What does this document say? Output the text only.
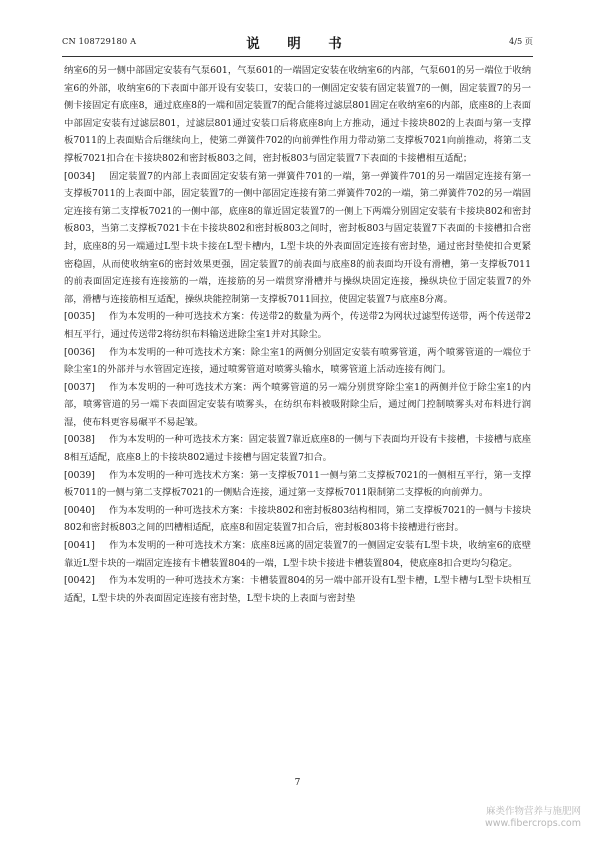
CN 108729180 A	说　明　书	4/5 页

纳室6的另一侧中部固定安装有气泵601，气泵601的一端固定安装在收纳室6的内部，气泵601的另一端位于收纳室6的外部，收纳室6的下表面中部开设有安装口，安装口的一侧固定安装有固定装置7的一侧，固定装置7的另一侧卡接固定有底座8，通过底座8的一端和固定装置7的配合能将过滤层801固定在收纳室6的内部，底座8的上表面中部固定安装有过滤层801，过滤层801通过安装口后将底座8向上方推动，通过卡接块802的上表面与第一支撑板7011的上表面贴合后继续向上，使第二弹簧件702的向前弹性作用力带动第二支撑板7021向前推动，将第二支撑板7021扣合在卡接块802和密封板803之间，密封板803与固定装置7下表面的卡接槽相互适配；

[0034] 固定装置7的内部上表面固定安装有第一弹簧件701的一端，第一弹簧件701的另一端固定连接有第一支撑板7011的上表面中部，固定装置7的一侧中部固定连接有第二弹簧件702的一端，第二弹簧件702的另一端固定连接有第二支撑板7021的一侧中部，底座8的靠近固定装置7的一侧上下两端分别固定安装有卡接块802和密封板803，当第二支撑板7021卡在卡接块802和密封板803之间时，密封板803与固定装置7下表面的卡接槽扣合密封，底座8的另一端通过L型卡块卡接在L型卡槽内，L型卡块的外表面固定连接有密封垫，通过密封垫使扣合更紧密稳固，从而使收纳室6的密封效果更强，固定装置7的前表面与底座8的前表面均开设有滑槽，第一支撑板7011的前表面固定连接有连接筋的一端，连接筋的另一端贯穿滑槽并与操纵块固定连接，操纵块位于固定装置7的外部，滑槽与连接筋相互适配，操纵块能控制第一支撑板7011回拉，使固定装置7与底座8分离。

[0035] 作为本发明的一种可选技术方案：传送带2的数量为两个，传送带2为网状过滤型传送带，两个传送带2相互平行，通过传送带2将纺织布料输送进除尘室1并对其除尘。

[0036] 作为本发明的一种可选技术方案：除尘室1的两侧分别固定安装有喷雾管道，两个喷雾管道的一端位于除尘室1的外部并与水管固定连接，通过喷雾管道对喷雾头输水，喷雾管道上活动连接有阀门。

[0037] 作为本发明的一种可选技术方案：两个喷雾管道的另一端分别贯穿除尘室1的两侧并位于除尘室1的内部，喷雾管道的另一端下表面固定安装有喷雾头，在纺织布料被吸附除尘后，通过阀门控制喷雾头对布料进行润湿，使布料更容易碾平不易起皱。

[0038] 作为本发明的一种可选技术方案：固定装置7靠近底座8的一侧与下表面均开设有卡接槽，卡接槽与底座8相互适配，底座8上的卡接块802通过卡接槽与固定装置7扣合。

[0039] 作为本发明的一种可选技术方案：第一支撑板7011一侧与第二支撑板7021的一侧相互平行，第一支撑板7011的一侧与第二支撑板7021的一侧贴合连接，通过第一支撑板7011限制第二支撑板的向前弹力。

[0040] 作为本发明的一种可选技术方案：卡接块802和密封板803结构相同，第二支撑板7021的一侧与卡接块802和密封板803之间的凹槽相适配，底座8和固定装置7扣合后，密封板803将卡接槽进行密封。

[0041] 作为本发明的一种可选技术方案：底座8远离的固定装置7的一侧固定安装有L型卡块，收纳室6的底壁靠近L型卡块的一端固定连接有卡槽装置804的一端，L型卡块卡接进卡槽装置804，使底座8扣合更均匀稳定。

[0042] 作为本发明的一种可选技术方案：卡槽装置804的另一端中部开设有L型卡槽，L型卡槽与L型卡块相互适配，L型卡块的外表面固定连接有密封垫，L型卡块的上表面与密封垫

7
麻类作物营养与施肥网
www.fibercrops.com
